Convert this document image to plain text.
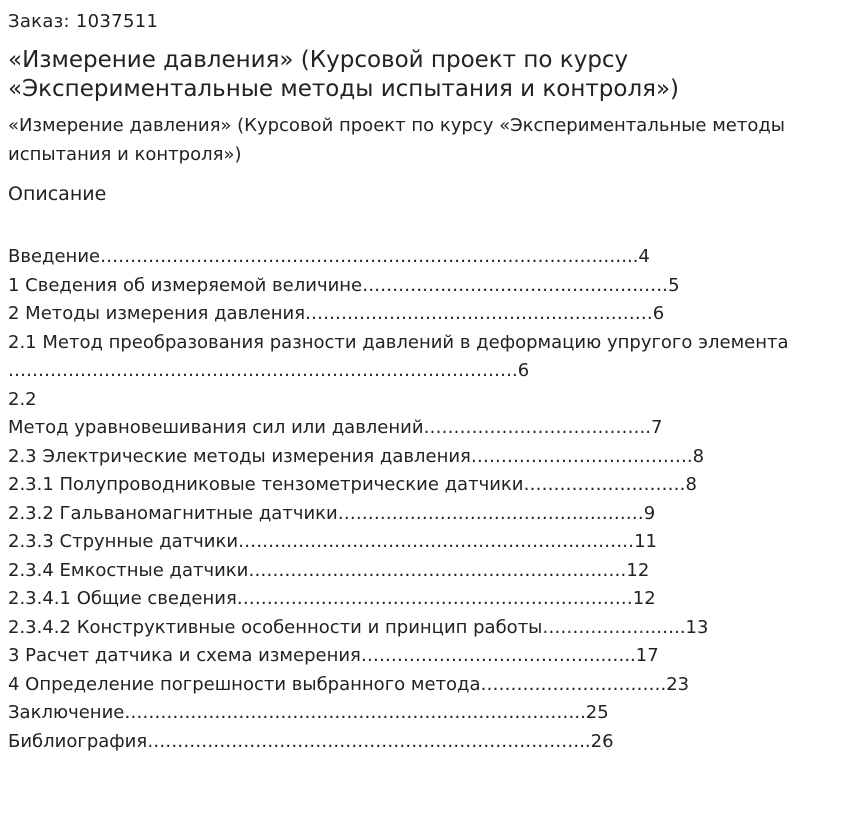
Заказ: 1037511
«Измерение давления» (Курсовой проект по курсу «Экспериментальные методы испытания и контроля»)
«Измерение давления» (Курсовой проект по курсу «Экспериментальные методы испытания и контроля»)
Описание
Введение…………………………………………………………..…………….…...4
1 Сведения об измеряемой величине……………………………………………5
2 Методы измерения давления…………………………………….……………6
2.1 Метод преобразования разности давлений в деформацию упругого элемента
………………………………………………………………………….6
2.2
Метод уравновешивания сил или давлений………………………………..7
2.3 Электрические методы измерения давления……………………………….8
2.3.1 Полупроводниковые тензометрические датчики………………………8
2.3.2 Гальваномагнитные датчики……………………………………………9
2.3.3 Струнные датчики…………………………………………………………11
2.3.4 Емкостные датчики………………………………………………………12
2.3.4.1 Общие сведения…………………………………………………………12
2.3.4.2 Конструктивные особенности и принцип работы……………….…..13
3 Расчет датчика и схема измерения…………………………………..…..17
4 Определение погрешности выбранного метода………………………….23
Заключение…………………………………………………………………..25
Библиография………………………………………………………………..26
